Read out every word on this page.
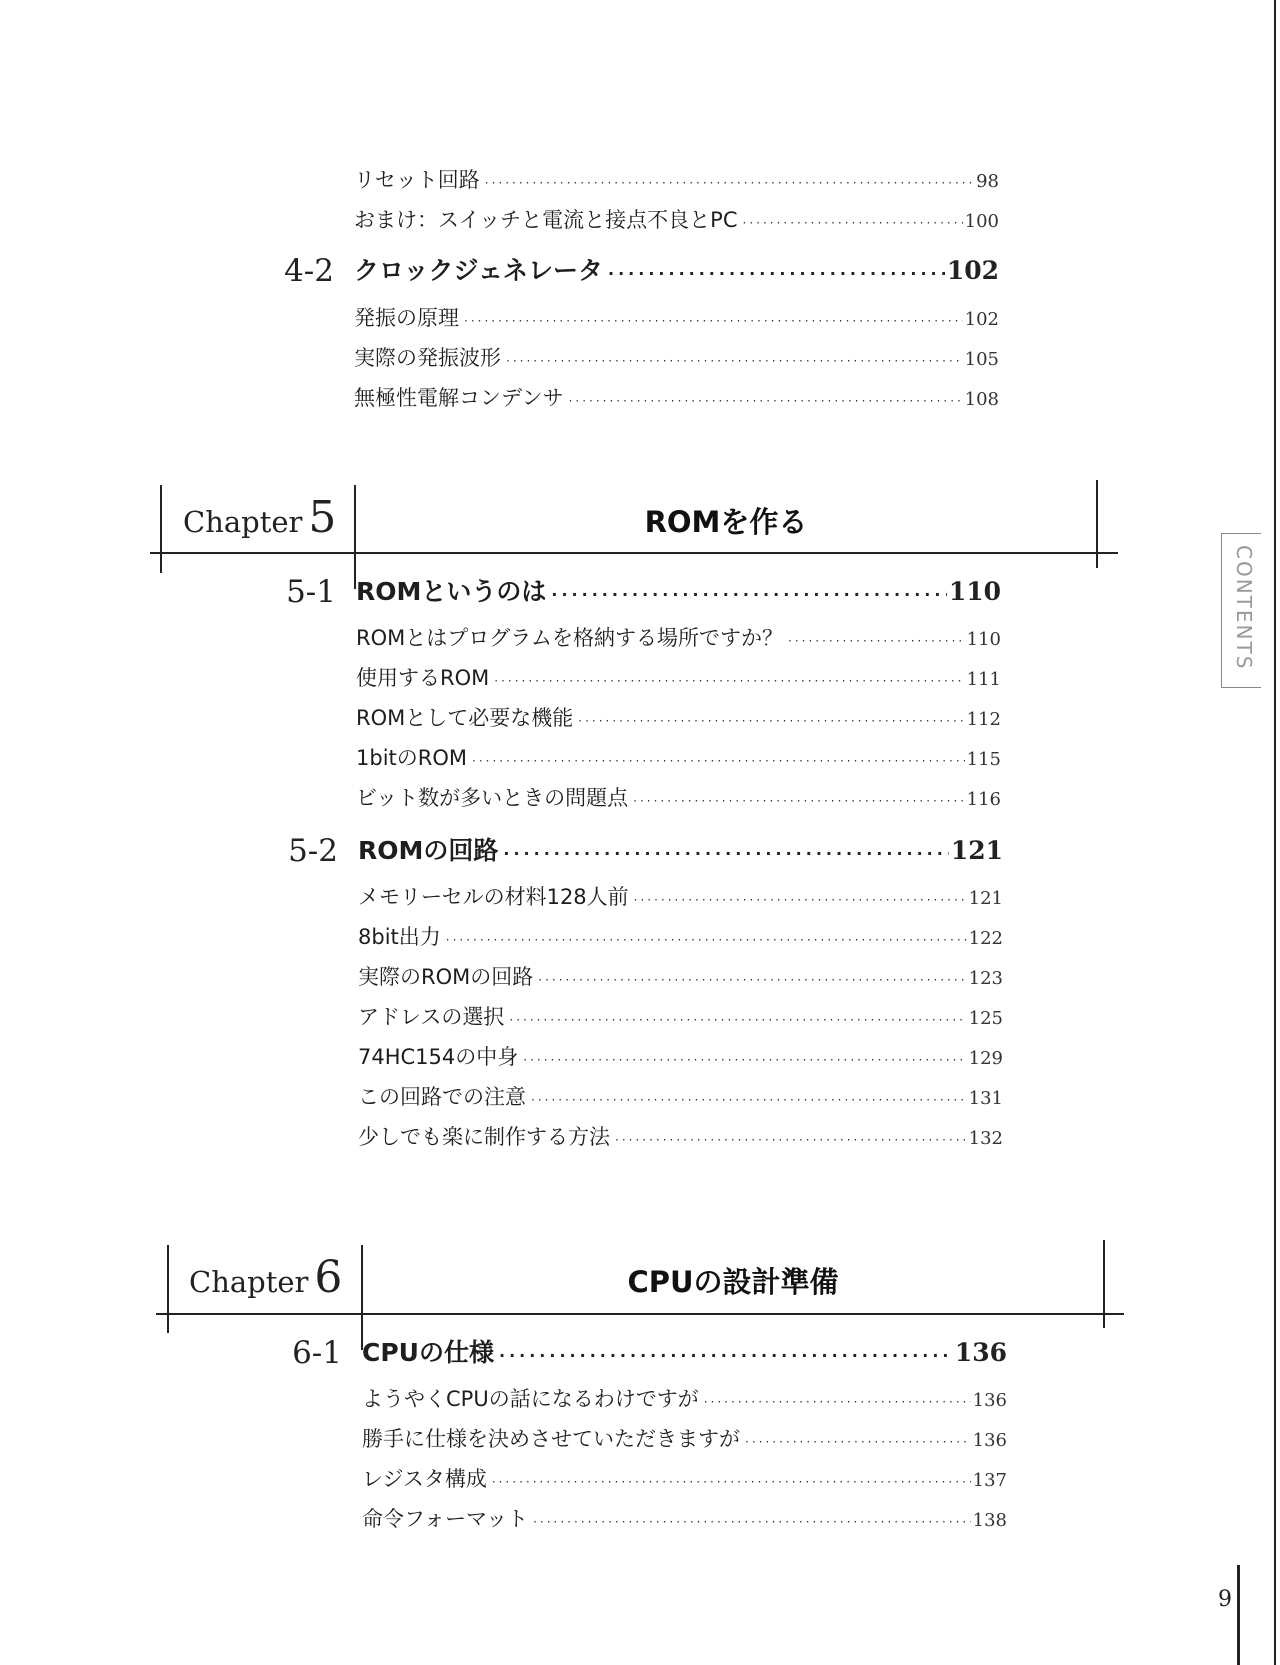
リセット回路 ·····	98
おまけ：スイッチと電流と接点不良とPC ·····	100
4-2 クロックジェネレータ ·····	102
発振の原理 ·····	102
実際の発振波形 ·····	105
無極性電解コンデンサ ·····	108
Chapter 5	ROMを作る
5-1 ROMというのは ·····	110
ROMとはプログラムを格納する場所ですか？ ·····	110
使用するROM ·····	111
ROMとして必要な機能 ·····	112
1bitのROM ·····	115
ビット数が多いときの問題点 ·····	116
5-2 ROMの回路 ·····	121
メモリーセルの材料128人前 ·····	121
8bit出力 ·····	122
実際のROMの回路 ·····	123
アドレスの選択 ·····	125
74HC154の中身 ·····	129
この回路での注意 ·····	131
少しでも楽に制作する方法 ·····	132
Chapter 6	CPUの設計準備
6-1 CPUの仕様 ·····	136
ようやくCPUの話になるわけですが ·····	136
勝手に仕様を決めさせていただきますが ·····	136
レジスタ構成 ·····	137
命令フォーマット ·····	138
CONTENTS
9
